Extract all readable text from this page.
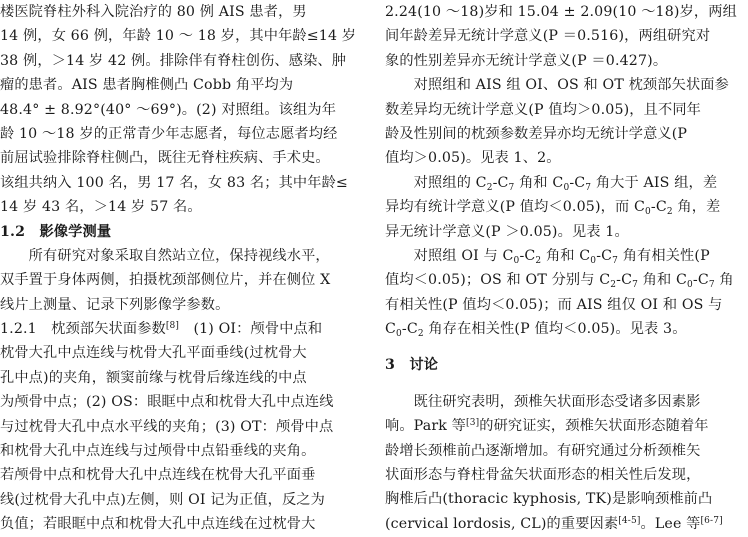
楼医院脊柱外科入院治疗的 80 例 AIS 患者，男
14 例，女 66 例，年龄 10 ～ 18 岁，其中年龄≤14 岁
38 例，＞14 岁 42 例。排除伴有脊柱创伤、感染、肿
瘤的患者。AIS 患者胸椎侧凸 Cobb 角平均为
48.4° ± 8.92°(40° ～69°)。(2) 对照组。该组为年
龄 10 ～18 岁的正常青少年志愿者，每位志愿者均经
前屈试验排除脊柱侧凸，既往无脊柱疾病、手术史。
该组共纳入 100 名，男 17 名，女 83 名；其中年龄≤
14 岁 43 名，＞14 岁 57 名。
1.2　影像学测量
　　所有研究对象采取自然站立位，保持视线水平，
双手置于身体两侧，拍摄枕颈部侧位片，并在侧位 X
线片上测量、记录下列影像学参数。
1.2.1　枕颈部矢状面参数[8]　 (1) OI：颅骨中点和
枕骨大孔中点连线与枕骨大孔平面垂线(过枕骨大
孔中点)的夹角，额窦前缘与枕骨后缘连线的中点
为颅骨中点；(2) OS：眼眶中点和枕骨大孔中点连线
与过枕骨大孔中点水平线的夹角；(3) OT：颅骨中点
和枕骨大孔中点连线与过颅骨中点铅垂线的夹角。
若颅骨中点和枕骨大孔中点连线在枕骨大孔平面垂
线(过枕骨大孔中点)左侧，则 OI 记为正值，反之为
负值；若眼眶中点和枕骨大孔中点连线在过枕骨大
2.24(10 ～18)岁和 15.04 ± 2.09(10 ～18)岁，两组
间年龄差异无统计学意义(P ＝0.516)，两组研究对
象的性别差异亦无统计学意义(P ＝0.427)。
　　对照组和 AIS 组 OI、OS 和 OT 枕颈部矢状面参
数差异均无统计学意义(P 值均＞0.05)，且不同年
龄及性别间的枕颈参数差异亦均无统计学意义(P
值均＞0.05)。见表 1、2。
　　对照组的 $C_2-C_7$ 角和 $C_0-C_7$ 角大于 AIS 组，差
异均有统计学意义(P 值均＜0.05)，而 $C_0-C_2$ 角，差
异无统计学意义(P ＞0.05)。见表 1。
　　对照组 OI 与 $C_0-C_2$ 角和 $C_0-C_7$ 角有相关性(P
值均＜0.05)；OS 和 OT 分别与 $C_2-C_7$ 角和 $C_0-C_7$ 角
有相关性(P 值均＜0.05)；而 AIS 组仅 OI 和 OS 与
$C_0-C_2$ 角存在相关性(P 值均＜0.05)。见表 3。
3　讨论
　　既往研究表明，颈椎矢状面形态受诸多因素影
响。Park 等[3]的研究证实，颈椎矢状面形态随着年
龄增长颈椎前凸逐渐增加。有研究通过分析颈椎矢
状面形态与脊柱骨盆矢状面形态的相关性后发现，
胸椎后凸(thoracic kyphosis, TK)是影响颈椎前凸
(cervical lordosis, CL)的重要因素[4-5]。Lee 等[6-7]
